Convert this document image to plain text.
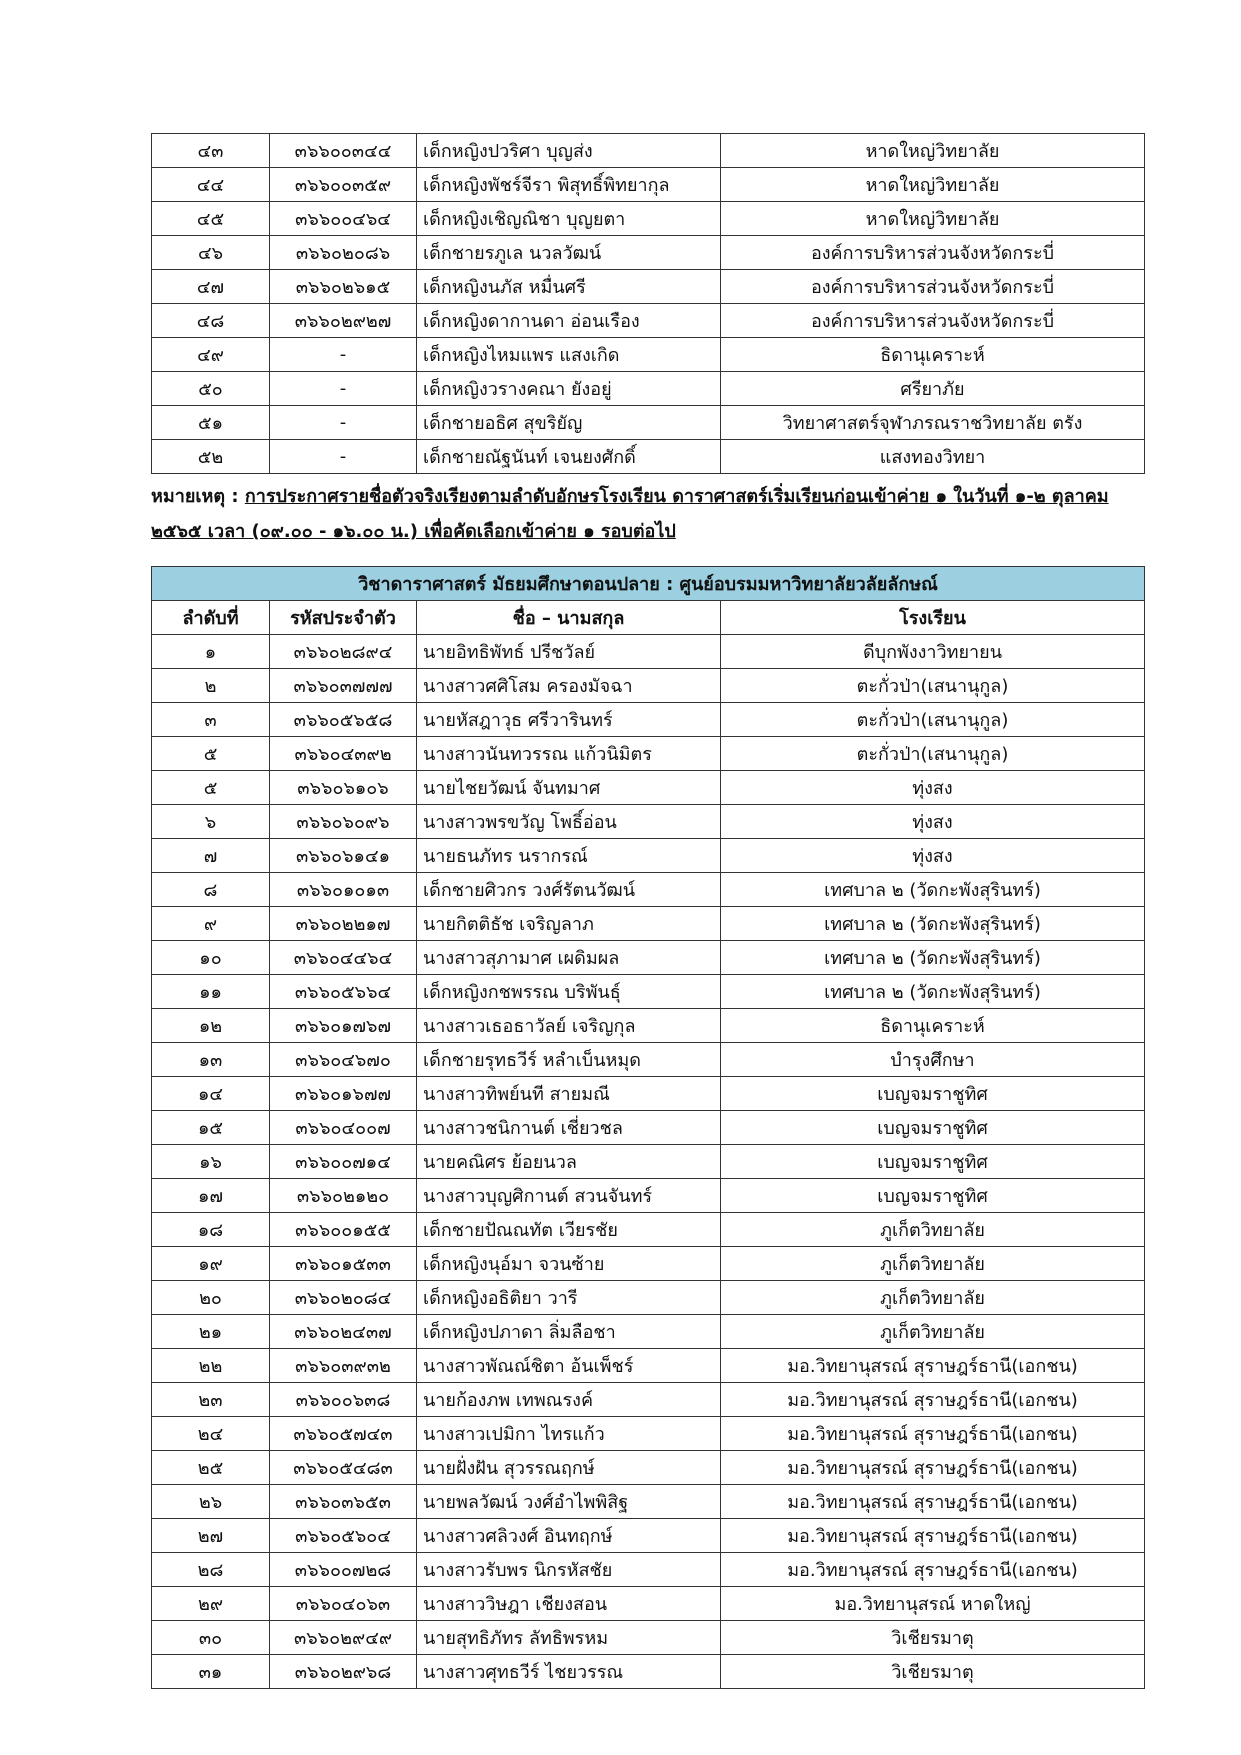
๔๓	๓๖๖๐๐๓๔๔	เด็กหญิงปวริศา บุญส่ง	หาดใหญ่วิทยาลัย
๔๔	๓๖๖๐๐๓๕๙	เด็กหญิงพัชร์จีรา พิสุทธิ์พิทยากุล	หาดใหญ่วิทยาลัย
๔๕	๓๖๖๐๐๔๖๔	เด็กหญิงเชิญณิชา บุญยตา	หาดใหญ่วิทยาลัย
๔๖	๓๖๖๐๒๐๘๖	เด็กชายรภูเล นวลวัฒน์	องค์การบริหารส่วนจังหวัดกระบี่
๔๗	๓๖๖๐๒๖๑๕	เด็กหญิงนภัส หมื่นศรี	องค์การบริหารส่วนจังหวัดกระบี่
๔๘	๓๖๖๐๒๙๒๗	เด็กหญิงดากานดา อ่อนเรือง	องค์การบริหารส่วนจังหวัดกระบี่
๔๙	-	เด็กหญิงไหมแพร แสงเกิด	ธิดานุเคราะห์
๕๐	-	เด็กหญิงวรางคณา ยังอยู่	ศรียาภัย
๕๑	-	เด็กชายอธิศ สุขริยัญ	วิทยาศาสตร์จุฬาภรณราชวิทยาลัย ตรัง
๕๒	-	เด็กชายณัฐนันท์ เจนยงศักดิ์	แสงทองวิทยา
หมายเหตุ : การประกาศรายชื่อตัวจริงเรียงตามลำดับอักษรโรงเรียน ดาราศาสตร์เริ่มเรียนก่อนเข้าค่าย ๑ ในวันที่ ๑-๒ ตุลาคม ๒๕๖๕ เวลา (๐๙.๐๐ - ๑๖.๐๐ น.) เพื่อคัดเลือกเข้าค่าย ๑ รอบต่อไป
วิชาดาราศาสตร์ มัธยมศึกษาตอนปลาย : ศูนย์อบรมมหาวิทยาลัยวลัยลักษณ์			
ลำดับที่	รหัสประจำตัว	ชื่อ – นามสกุล	โรงเรียน
๑	๓๖๖๐๒๘๙๔	นายอิทธิพัทธ์ ปรีชวัลย์	ดีบุกพังงาวิทยายน
๒	๓๖๖๐๓๗๗๗	นางสาวศศิโสม ครองมัจฉา	ตะกั่วป่า(เสนานุกูล)
๓	๓๖๖๐๕๖๕๘	นายหัสฎาวุธ ศรีวารินทร์	ตะกั่วป่า(เสนานุกูล)
๕	๓๖๖๐๔๓๙๒	นางสาวนันทวรรณ แก้วนิมิตร	ตะกั่วป่า(เสนานุกูล)
๕	๓๖๖๐๖๑๐๖	นายไชยวัฒน์ จันทมาศ	ทุ่งสง
๖	๓๖๖๐๖๐๙๖	นางสาวพรขวัญ โพธิ์อ่อน	ทุ่งสง
๗	๓๖๖๐๖๑๔๑	นายธนภัทร นรากรณ์	ทุ่งสง
๘	๓๖๖๐๑๐๑๓	เด็กชายศิวกร วงศ์รัตนวัฒน์	เทศบาล ๒ (วัดกะพังสุรินทร์)
๙	๓๖๖๐๒๒๑๗	นายกิตติธัช เจริญลาภ	เทศบาล ๒ (วัดกะพังสุรินทร์)
๑๐	๓๖๖๐๔๔๖๔	นางสาวสุภามาศ เผดิมผล	เทศบาล ๒ (วัดกะพังสุรินทร์)
๑๑	๓๖๖๐๕๖๖๔	เด็กหญิงกชพรรณ บริพันธุ์	เทศบาล ๒ (วัดกะพังสุรินทร์)
๑๒	๓๖๖๐๑๗๖๗	นางสาวเธอธาวัลย์ เจริญกุล	ธิดานุเคราะห์
๑๓	๓๖๖๐๔๖๗๐	เด็กชายรุทธวีร์ หลำเบ็นหมุด	บำรุงศึกษา
๑๔	๓๖๖๐๑๖๗๗	นางสาวทิพย์นที สายมณี	เบญจมราชูทิศ
๑๕	๓๖๖๐๔๐๐๗	นางสาวชนิกานต์ เชี่ยวชล	เบญจมราชูทิศ
๑๖	๓๖๖๐๐๗๑๔	นายคณิศร ย้อยนวล	เบญจมราชูทิศ
๑๗	๓๖๖๐๒๑๒๐	นางสาวบุญศิกานต์ สวนจันทร์	เบญจมราชูทิศ
๑๘	๓๖๖๐๐๑๕๕	เด็กชายปัณณทัต เวียรชัย	ภูเก็ตวิทยาลัย
๑๙	๓๖๖๐๑๕๓๓	เด็กหญิงนุอ์มา จวนซ้าย	ภูเก็ตวิทยาลัย
๒๐	๓๖๖๐๒๐๘๔	เด็กหญิงอธิติยา วารี	ภูเก็ตวิทยาลัย
๒๑	๓๖๖๐๒๔๓๗	เด็กหญิงปภาดา ลิ่มลือชา	ภูเก็ตวิทยาลัย
๒๒	๓๖๖๐๓๙๓๒	นางสาวพัณณ์ชิตา อ้นเพ็ชร์	มอ.วิทยานุสรณ์ สุราษฎร์ธานี(เอกชน)
๒๓	๓๖๖๐๐๖๓๘	นายก้องภพ เทพณรงค์	มอ.วิทยานุสรณ์ สุราษฎร์ธานี(เอกชน)
๒๔	๓๖๖๐๕๗๔๓	นางสาวเปมิกา ไทรแก้ว	มอ.วิทยานุสรณ์ สุราษฎร์ธานี(เอกชน)
๒๕	๓๖๖๐๕๔๘๓	นายฝั่งฝัน สุวรรณฤกษ์	มอ.วิทยานุสรณ์ สุราษฎร์ธานี(เอกชน)
๒๖	๓๖๖๐๓๖๕๓	นายพลวัฒน์ วงศ์อำไพพิสิฐ	มอ.วิทยานุสรณ์ สุราษฎร์ธานี(เอกชน)
๒๗	๓๖๖๐๕๖๐๔	นางสาวศลิวงศ์ อินทฤกษ์	มอ.วิทยานุสรณ์ สุราษฎร์ธานี(เอกชน)
๒๘	๓๖๖๐๐๗๒๘	นางสาวรับพร นิกรหัสชัย	มอ.วิทยานุสรณ์ สุราษฎร์ธานี(เอกชน)
๒๙	๓๖๖๐๔๐๖๓	นางสาววิษฎา เชียงสอน	มอ.วิทยานุสรณ์ หาดใหญ่
๓๐	๓๖๖๐๒๙๔๙	นายสุทธิภัทร ลัทธิพรหม	วิเชียรมาตุ
๓๑	๓๖๖๐๒๙๖๘	นางสาวศุทธวีร์ ไชยวรรณ	วิเชียรมาตุ
